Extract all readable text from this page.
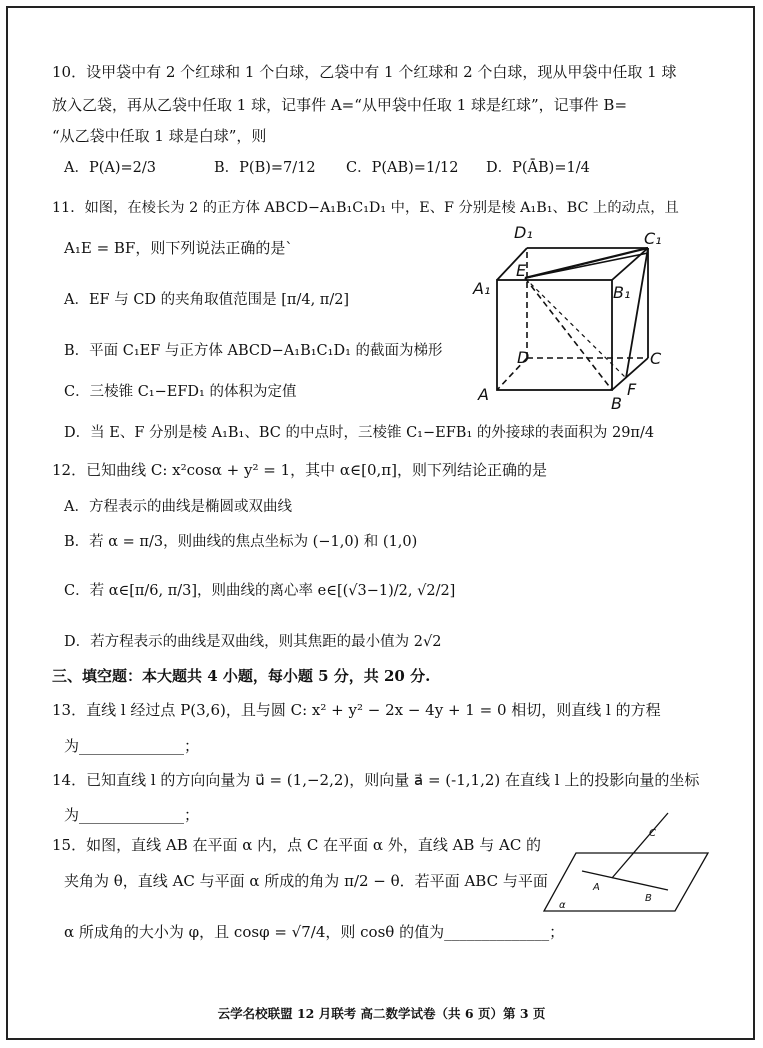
10．设甲袋中有 2 个红球和 1 个白球，乙袋中有 1 个红球和 2 个白球，现从甲袋中任取 1 球
放入乙袋，再从乙袋中任取 1 球，记事件 A=“从甲袋中任取 1 球是红球”，记事件 B=
“从乙袋中任取 1 球是白球”，则
A．P(A)=2/3	B．P(B)=7/12 C．P(AB)=1/12 D．P(ĀB)=1/4
11．如图，在棱长为 2 的正方体 ABCD−A₁B₁C₁D₁ 中，E、F 分别是棱 A₁B₁、BC 上的动点，且
A₁E = BF，则下列说法正确的是`
A．EF 与 CD 的夹角取值范围是 [π/4, π/2]
B．平面 C₁EF 与正方体 ABCD−A₁B₁C₁D₁ 的截面为梯形
C．三棱锥 C₁−EFD₁ 的体积为定值
D．当 E、F 分别是棱 A₁B₁、BC 的中点时，三棱锥 C₁−EFB₁ 的外接球的表面积为 29π/4
D₁	C₁
A₁	B₁
E
D	C
A	B
F
12．已知曲线 C: x²cosα + y² = 1，其中 α∈[0,π]，则下列结论正确的是
A．方程表示的曲线是椭圆或双曲线
B．若 α = π/3，则曲线的焦点坐标为 (−1,0) 和 (1,0)
C．若 α∈[π/6, π/3]，则曲线的离心率 e∈[(√3−1)/2, √2/2]
D．若方程表示的曲线是双曲线，则其焦距的最小值为 2√2
三、填空题：本大题共 4 小题，每小题 5 分，共 20 分.
13．直线 l 经过点 P(3,6)，且与圆 C: x² + y² − 2x − 4y + 1 = 0 相切，则直线 l 的方程
为______________；
14．已知直线 l 的方向向量为 u⃗ = (1,−2,2)，则向量 a⃗ = (-1,1,2) 在直线 l 上的投影向量的坐标
为______________；
15．如图，直线 AB 在平面 α 内，点 C 在平面 α 外，直线 AB 与 AC 的
夹角为 θ，直线 AC 与平面 α 所成的角为 π/2 − θ．若平面 ABC 与平面
α 所成角的大小为 φ，且 cosφ = √7/4，则 cosθ 的值为______________；
C
A
B
α
云学名校联盟 12 月联考 高二数学试卷（共 6 页）第 3 页
